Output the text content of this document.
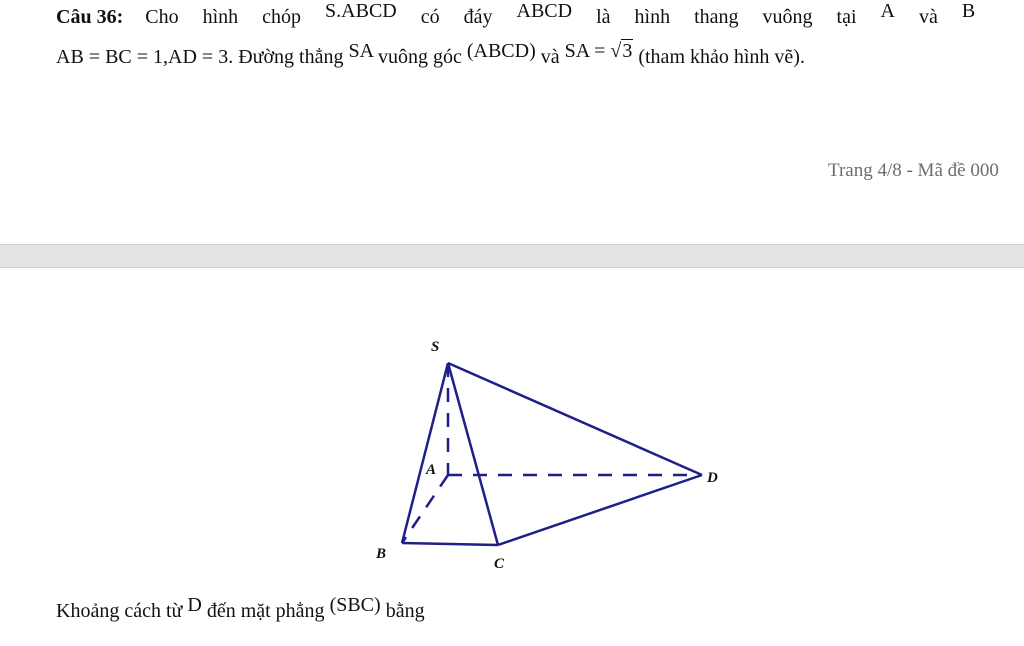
Câu 36: Cho hình chóp S.ABCD có đáy ABCD là hình thang vuông tại A và B
AB = BC = 1,AD = 3. Đường thẳng SA vuông góc (ABCD) và SA = √3 (tham khảo hình vẽ).
Trang 4/8 - Mã đề 000
S
A
B
C
D
Khoảng cách từ D đến mặt phẳng (SBC) bằng
